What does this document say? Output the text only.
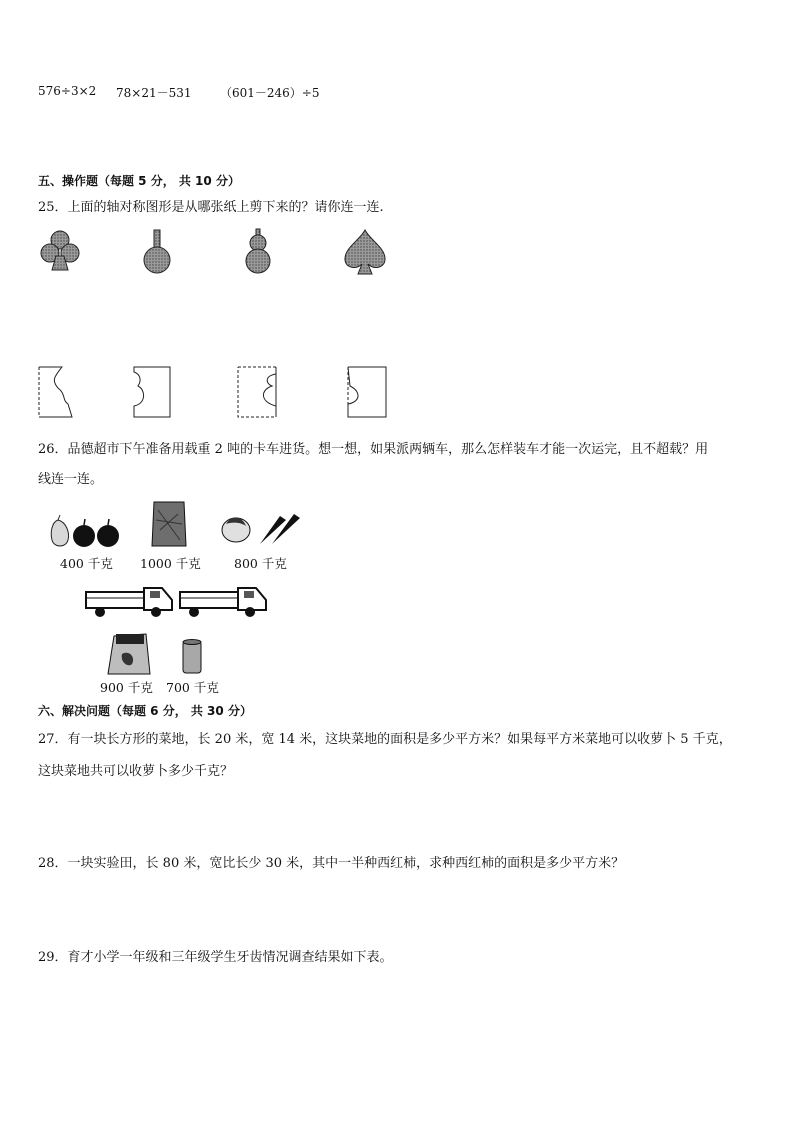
576÷3×2 78×21－531 （601－246）÷5
五、操作题（每题 5 分， 共 10 分）
25．上面的轴对称图形是从哪张纸上剪下来的？请你连一连.
26．品德超市下午准备用载重 2 吨的卡车进货。想一想，如果派两辆车，那么怎样装车才能一次运完，且不超载？用
线连一连。
400 千克 1000 千克	800 千克
900 千克 700 千克
六、解决问题（每题 6 分， 共 30 分）
27．有一块长方形的菜地，长 20 米，宽 14 米，这块菜地的面积是多少平方米？如果每平方米菜地可以收萝卜 5 千克，
这块菜地共可以收萝卜多少千克？
28．一块实验田，长 80 米，宽比长少 30 米，其中一半种西红柿，求种西红柿的面积是多少平方米？
29．育才小学一年级和三年级学生牙齿情况调查结果如下表。
